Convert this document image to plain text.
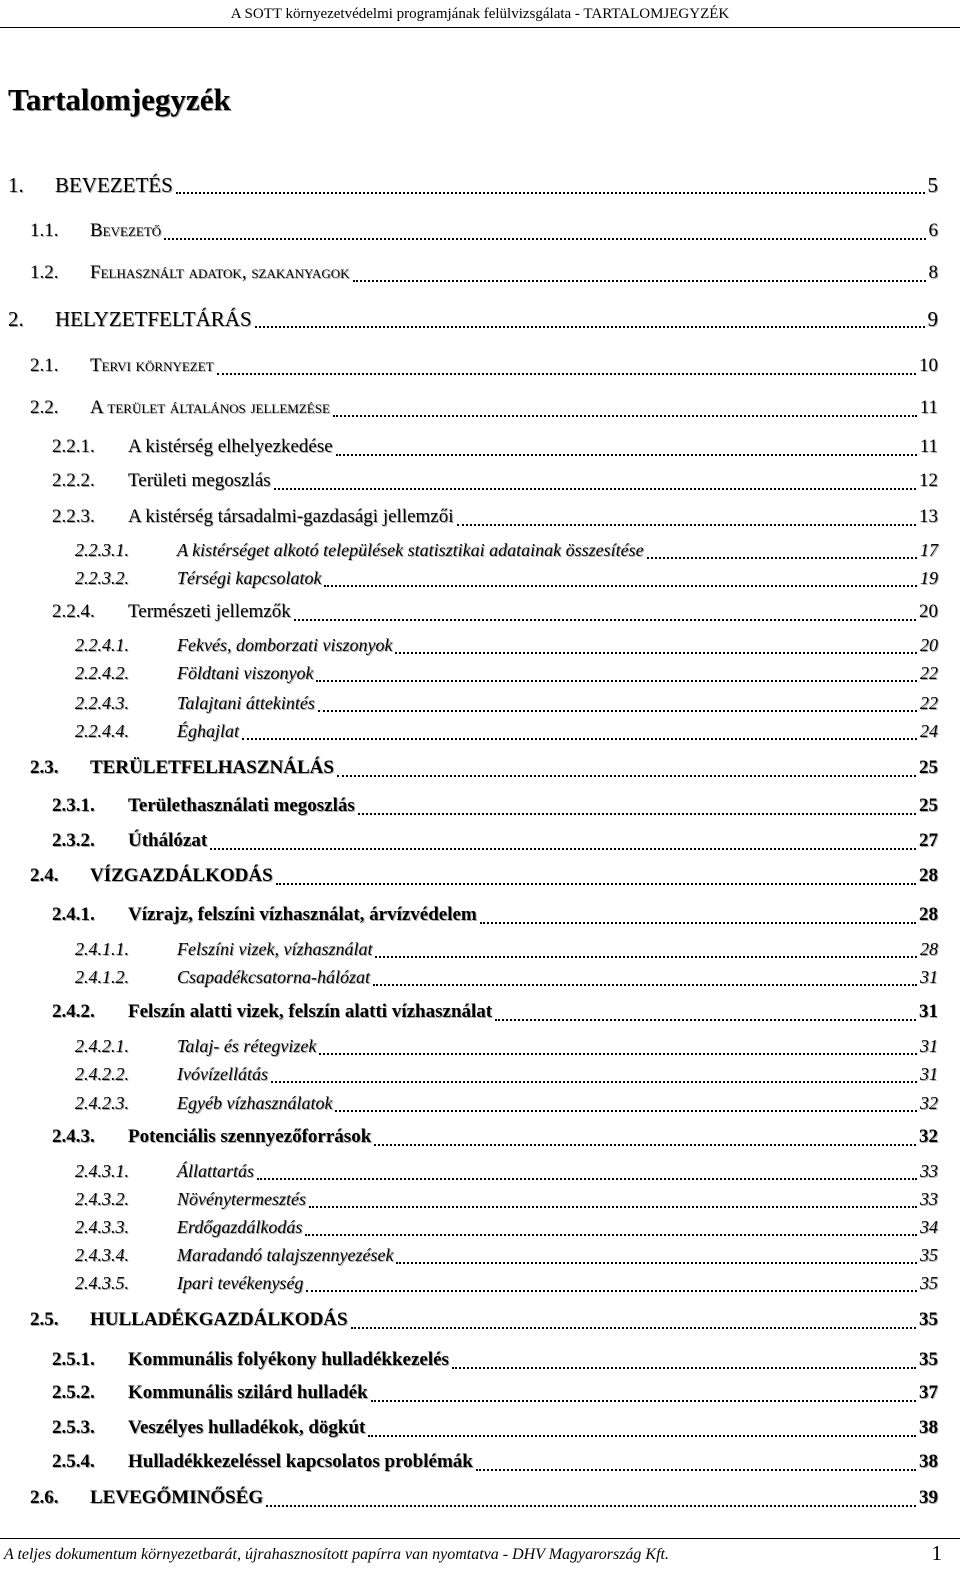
A SOTT környezetvédelmi programjának felülvizsgálata - TARTALOMJEGYZÉK
Tartalomjegyzék
1. BEVEZETÉS	5
1.1. Bevezető	6
1.2. Felhasznált adatok, szakanyagok	8
2. HELYZETFELTÁRÁS	9
2.1. Tervi környezet	10
2.2. A terület általános jellemzése	11
2.2.1. A kistérség elhelyezkedése	11
2.2.2. Területi megoszlás	12
2.2.3. A kistérség társadalmi-gazdasági jellemzői	13
2.2.3.1.	A kistérséget alkotó települések statisztikai adatainak összesítése	17
2.2.3.2.	Térségi kapcsolatok	19
2.2.4. Természeti jellemzők	20
2.2.4.1.	Fekvés, domborzati viszonyok	20
2.2.4.2.	Földtani viszonyok	22
2.2.4.3.	Talajtani áttekintés	22
2.2.4.4.	Éghajlat	24
2.3. TERÜLETFELHASZNÁLÁS	25
2.3.1. Területhasználati megoszlás	25
2.3.2. Úthálózat	27
2.4. VÍZGAZDÁLKODÁS	28
2.4.1. Vízrajz, felszíni vízhasználat, árvízvédelem	28
2.4.1.1.	Felszíni vizek, vízhasználat	28
2.4.1.2.	Csapadékcsatorna-hálózat	31
2.4.2. Felszín alatti vizek, felszín alatti vízhasználat	31
2.4.2.1.	Talaj- és rétegvizek	31
2.4.2.2.	Ivóvízellátás	31
2.4.2.3.	Egyéb vízhasználatok	32
2.4.3. Potenciális szennyezőforrások	32
2.4.3.1.	Állattartás	33
2.4.3.2.	Növénytermesztés	33
2.4.3.3.	Erdőgazdálkodás	34
2.4.3.4.	Maradandó talajszennyezések	35
2.4.3.5.	Ipari tevékenység	35
2.5. HULLADÉKGAZDÁLKODÁS	35
2.5.1. Kommunális folyékony hulladékkezelés	35
2.5.2. Kommunális szilárd hulladék	37
2.5.3. Veszélyes hulladékok, dögkút	38
2.5.4. Hulladékkezeléssel kapcsolatos problémák	38
2.6. LEVEGŐMINŐSÉG	39
A teljes dokumentum környezetbarát, újrahasznosított papírra van nyomtatva - DHV Magyarország Kft.	1
